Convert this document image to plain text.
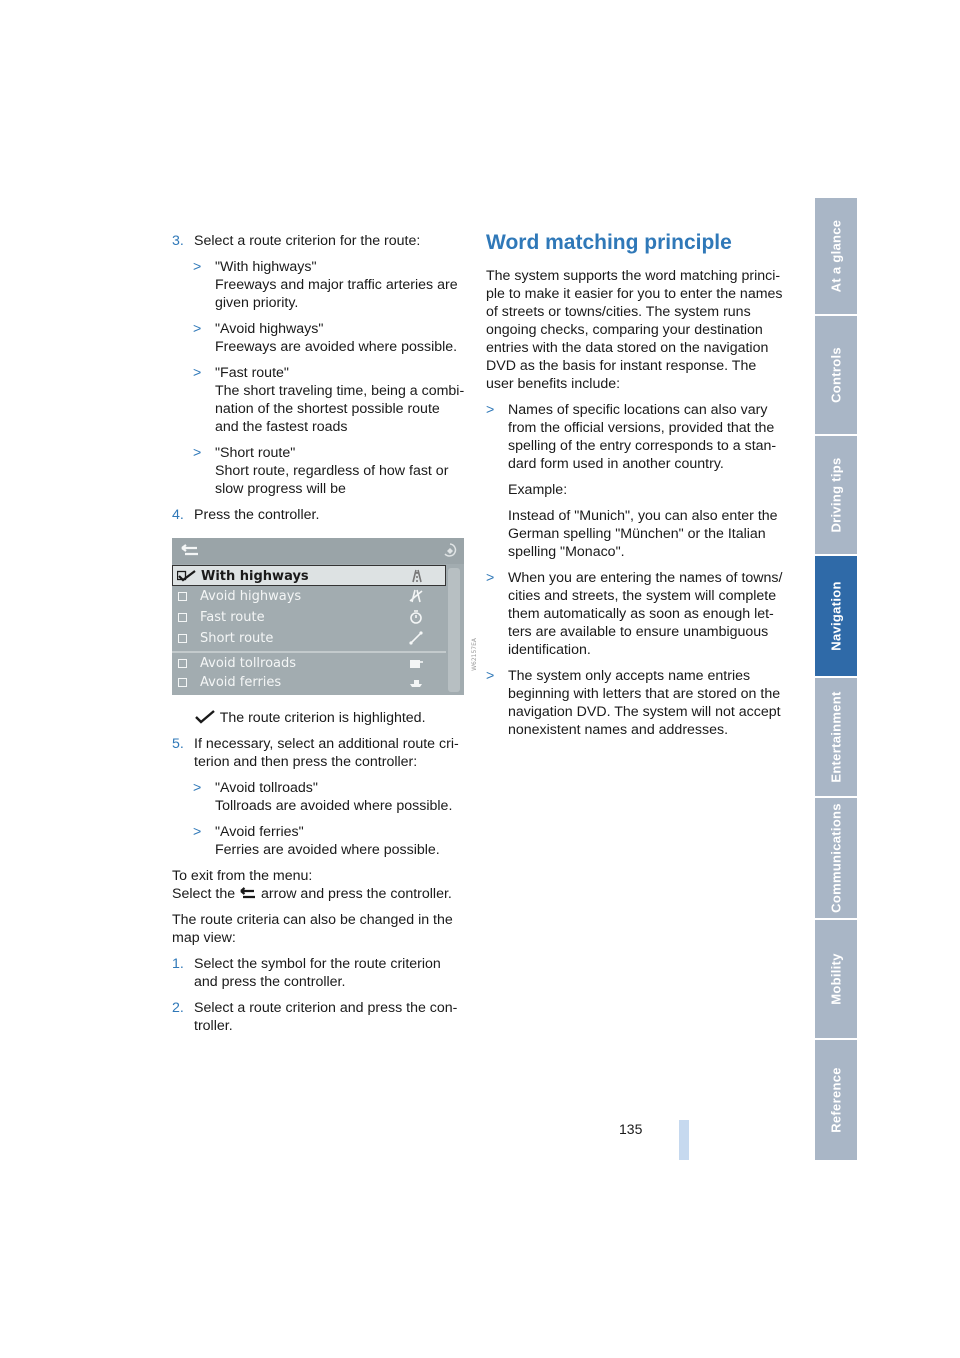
3. Select a route criterion for the route:
> "With highways"
Freeways and major traffic arteries are given priority.
> "Avoid highways"
Freeways are avoided where possible.
> "Fast route"
The short traveling time, being a combi-nation of the shortest possible route and the fastest roads
> "Short route"
Short route, regardless of how fast or slow progress will be
4. Press the controller.
With highways
Avoid highways
Fast route
Short route
Avoid tollroads
Avoid ferries
W62157EA

The route criterion is highlighted.

5. If necessary, select an additional route cri-terion and then press the controller:
> "Avoid tollroads"
Tollroads are avoided where possible.
> "Avoid ferries"
Ferries are avoided where possible.

To exit from the menu:
Select the arrow and press the controller.

The route criteria can also be changed in the map view:

1. Select the symbol for the route criterion and press the controller.
2. Select a route criterion and press the con-troller.
Word matching principle

The system supports the word matching princi-ple to make it easier for you to enter the names of streets or towns/cities. The system runs ongoing checks, comparing your destination entries with the data stored on the navigation DVD as the basis for instant response. The user benefits include:

> Names of specific locations can also vary from the official versions, provided that the spelling of the entry corresponds to a stan-dard form used in another country.

Example:

Instead of "Munich", you can also enter the German spelling "München" or the Italian spelling "Monaco".

> When you are entering the names of towns/ cities and streets, the system will complete them automatically as soon as enough let-ters are available to ensure unambiguous identification.
> The system only accepts name entries beginning with letters that are stored on the navigation DVD. The system will not accept nonexistent names and addresses.
At a glance
Controls
Driving tips
Navigation
Entertainment
Communications
Mobility
Reference
135
